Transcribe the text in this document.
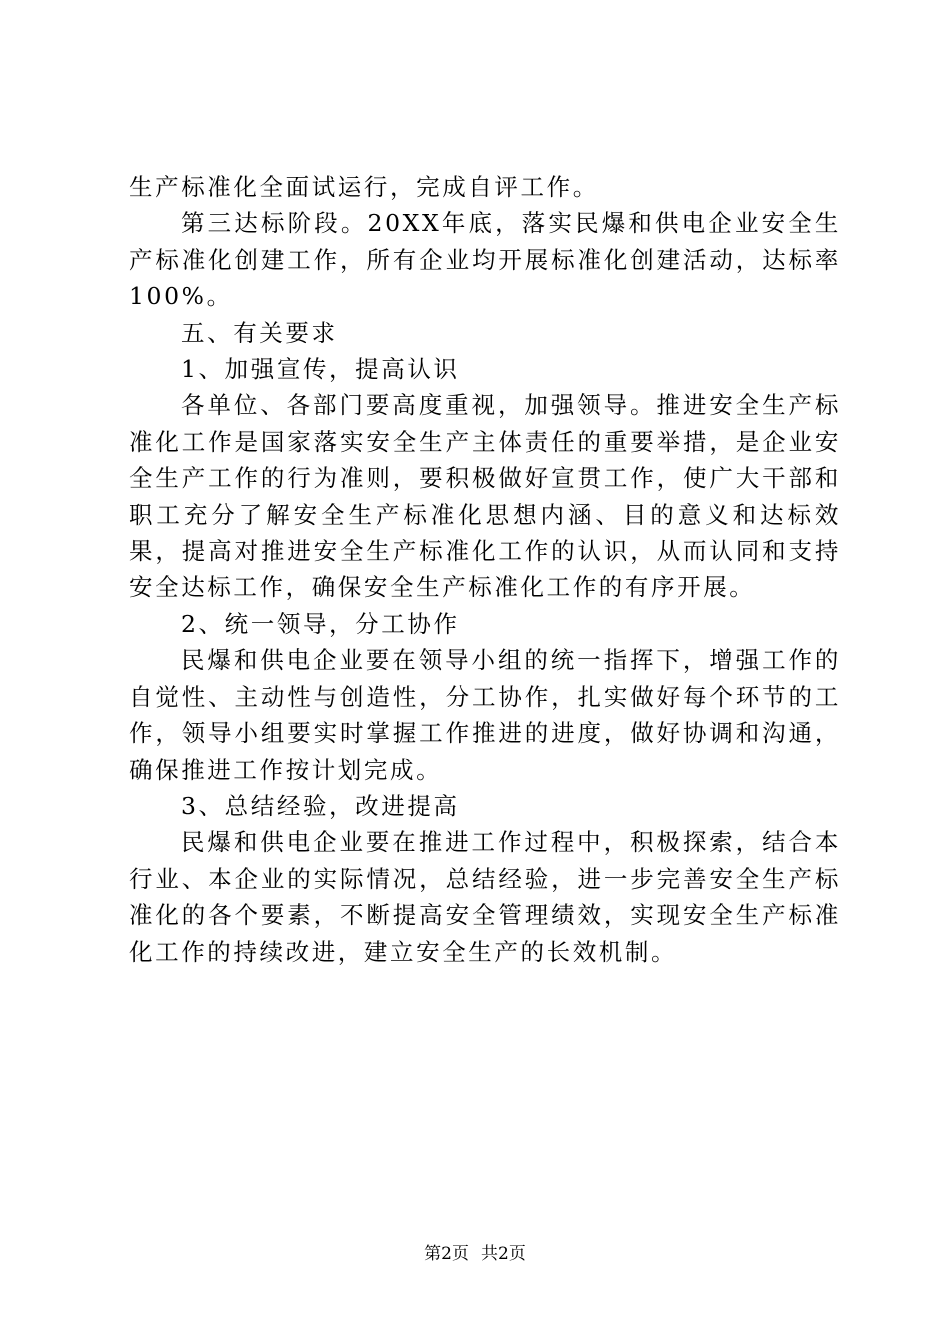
生产标准化全面试运行，完成自评工作。

第三达标阶段。20XX年底，落实民爆和供电企业安全生产标准化创建工作，所有企业均开展标准化创建活动，达标率100%。

五、有关要求

1、加强宣传，提高认识

各单位、各部门要高度重视，加强领导。推进安全生产标准化工作是国家落实安全生产主体责任的重要举措，是企业安全生产工作的行为准则，要积极做好宣贯工作，使广大干部和职工充分了解安全生产标准化思想内涵、目的意义和达标效果，提高对推进安全生产标准化工作的认识，从而认同和支持安全达标工作，确保安全生产标准化工作的有序开展。

2、统一领导，分工协作

民爆和供电企业要在领导小组的统一指挥下，增强工作的自觉性、主动性与创造性，分工协作，扎实做好每个环节的工作，领导小组要实时掌握工作推进的进度，做好协调和沟通，确保推进工作按计划完成。

3、总结经验，改进提高

民爆和供电企业要在推进工作过程中，积极探索，结合本行业、本企业的实际情况，总结经验，进一步完善安全生产标准化的各个要素，不断提高安全管理绩效，实现安全生产标准化工作的持续改进，建立安全生产的长效机制。

第2页 共2页
